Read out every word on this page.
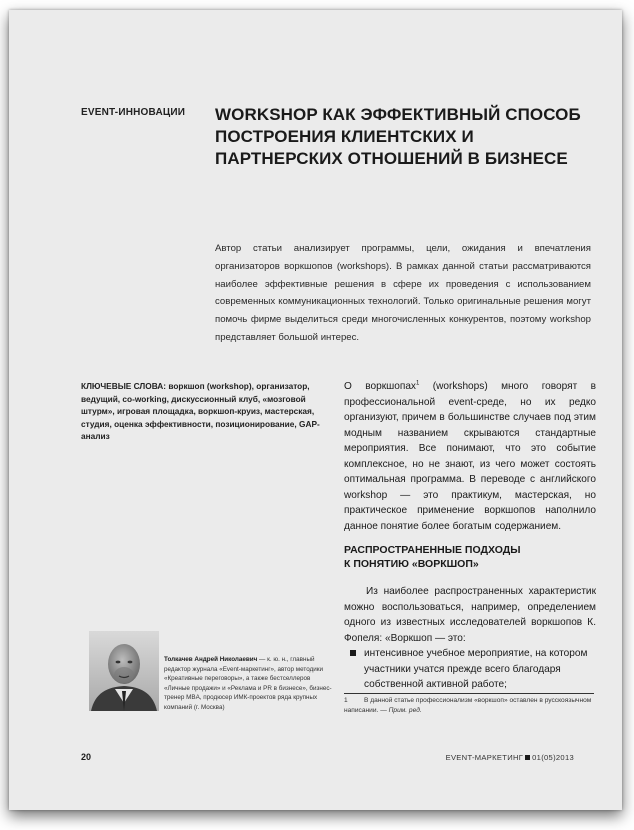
EVENT-ИННОВАЦИИ WORKSHOP КАК ЭФФЕКТИВНЫЙ СПОСОБ ПОСТРОЕНИЯ КЛИЕНТСКИХ И ПАРТНЕРСКИХ ОТНОШЕНИЙ В БИЗНЕСЕ
Автор статьи анализирует программы, цели, ожидания и впечатления организаторов воркшопов (workshops). В рамках данной статьи рассматриваются наиболее эффективные решения в сфере их проведения с использованием современных коммуникационных технологий. Только оригинальные решения могут помочь фирме выделиться среди многочисленных конкурентов, поэтому workshop представляет большой интерес.
КЛЮЧЕВЫЕ СЛОВА: воркшоп (workshop), организатор, ведущий, co-working, дискуссионный клуб, «мозговой штурм», игровая площадка, воркшоп-круиз, мастерская, студия, оценка эффективности, позиционирование, GAP-анализ
О воркшопах$^1$ (workshops) много говорят в профессиональной event-среде, но их редко организуют, причем в большинстве случаев под этим модным названием скрываются стандартные мероприятия. Все понимают, что это событие комплексное, но не знают, из чего может состоять оптимальная программа. В переводе с английского workshop — это практикум, мастерская, но практическое применение воркшопов наполнило данное понятие более богатым содержанием.
РАСПРОСТРАНЕННЫЕ ПОДХОДЫ
К ПОНЯТИЮ «ВОРКШОП»

Из наиболее распространенных характеристик можно воспользоваться, например, определением одного из известных исследователей воркшопов К. Фопеля: «Воркшоп — это:

интенсивное учебное мероприятие, на котором участники учатся прежде всего благодаря собственной активной работе;
1 В данной статье профессионализм «воркшоп» оставлен в русскоязычном написании. — Прим. ред.
Толкачев Андрей Николаевич — к. ю. н., главный редактор журнала «Event-маркетинг», автор методики «Креативные переговоры», а также бестселлеров «Личные продажи» и «Реклама и PR в бизнесе», бизнес-тренер MBA, продюсер ИМК-проектов ряда крупных компаний (г. Москва)
20	EVENT-МАРКЕТИНГ 01(05)2013
